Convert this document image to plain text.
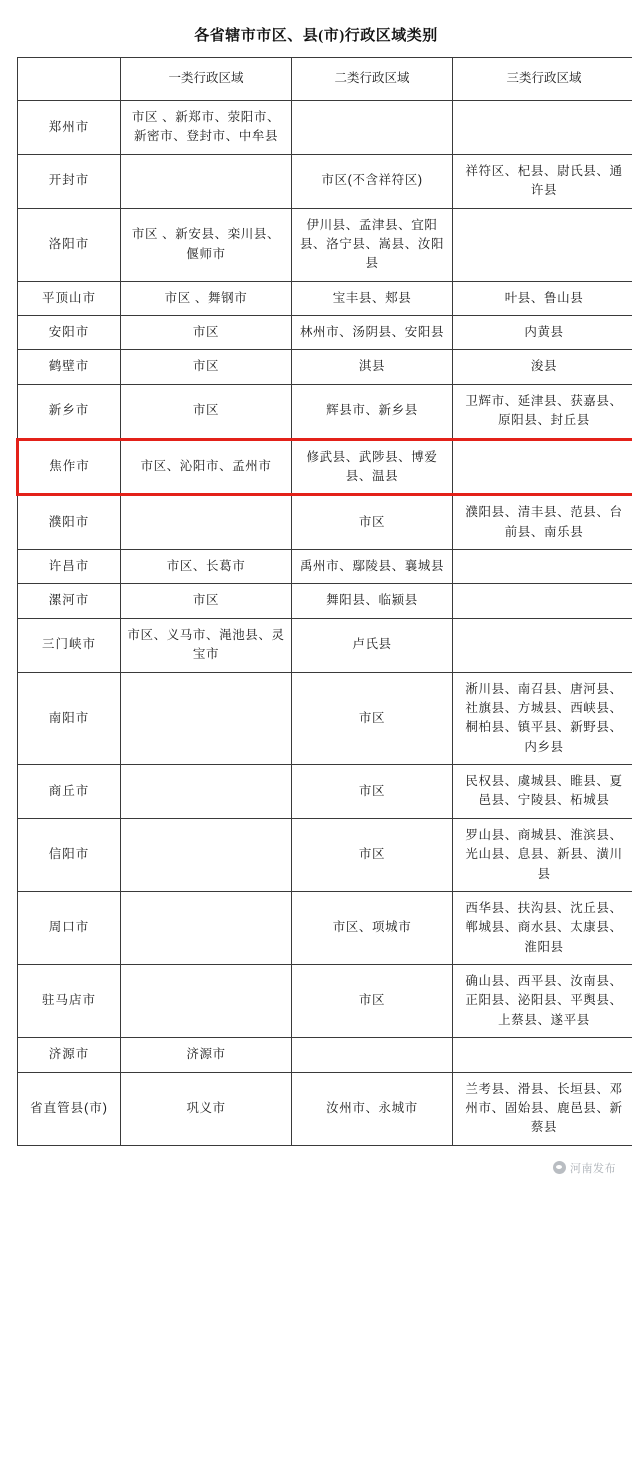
各省辖市市区、县(市)行政区域类别
	一类行政区域	二类行政区域	三类行政区域
郑州市	市区 、新郑市、荥阳市、新密市、登封市、中牟县		
开封市		市区(不含祥符区)	祥符区、杞县、尉氏县、通许县
洛阳市	市区 、新安县、栾川县、偃师市	伊川县、孟津县、宜阳县、洛宁县、嵩县、汝阳县	
平顶山市	市区 、舞钢市	宝丰县、郏县	叶县、鲁山县
安阳市	市区	林州市、汤阴县、安阳县	内黄县
鹤壁市	市区	淇县	浚县
新乡市	市区	辉县市、新乡县	卫辉市、延津县、获嘉县、原阳县、封丘县
焦作市	市区、沁阳市、孟州市	修武县、武陟县、博爱县、温县	
濮阳市		市区	濮阳县、清丰县、范县、台前县、南乐县
许昌市	市区、长葛市	禹州市、鄢陵县、襄城县	
漯河市	市区	舞阳县、临颍县	
三门峡市	市区、义马市、渑池县、灵宝市	卢氏县	
南阳市		市区	淅川县、南召县、唐河县、社旗县、方城县、西峡县、桐柏县、镇平县、新野县、内乡县
商丘市		市区	民权县、虞城县、睢县、夏邑县、宁陵县、柘城县
信阳市		市区	罗山县、商城县、淮滨县、光山县、息县、新县、潢川县
周口市		市区、项城市	西华县、扶沟县、沈丘县、郸城县、商水县、太康县、淮阳县
驻马店市		市区	确山县、西平县、汝南县、正阳县、泌阳县、平舆县、上蔡县、遂平县
济源市	济源市		
省直管县(市)	巩义市	汝州市、永城市	兰考县、滑县、长垣县、邓州市、固始县、鹿邑县、新蔡县
河南发布
